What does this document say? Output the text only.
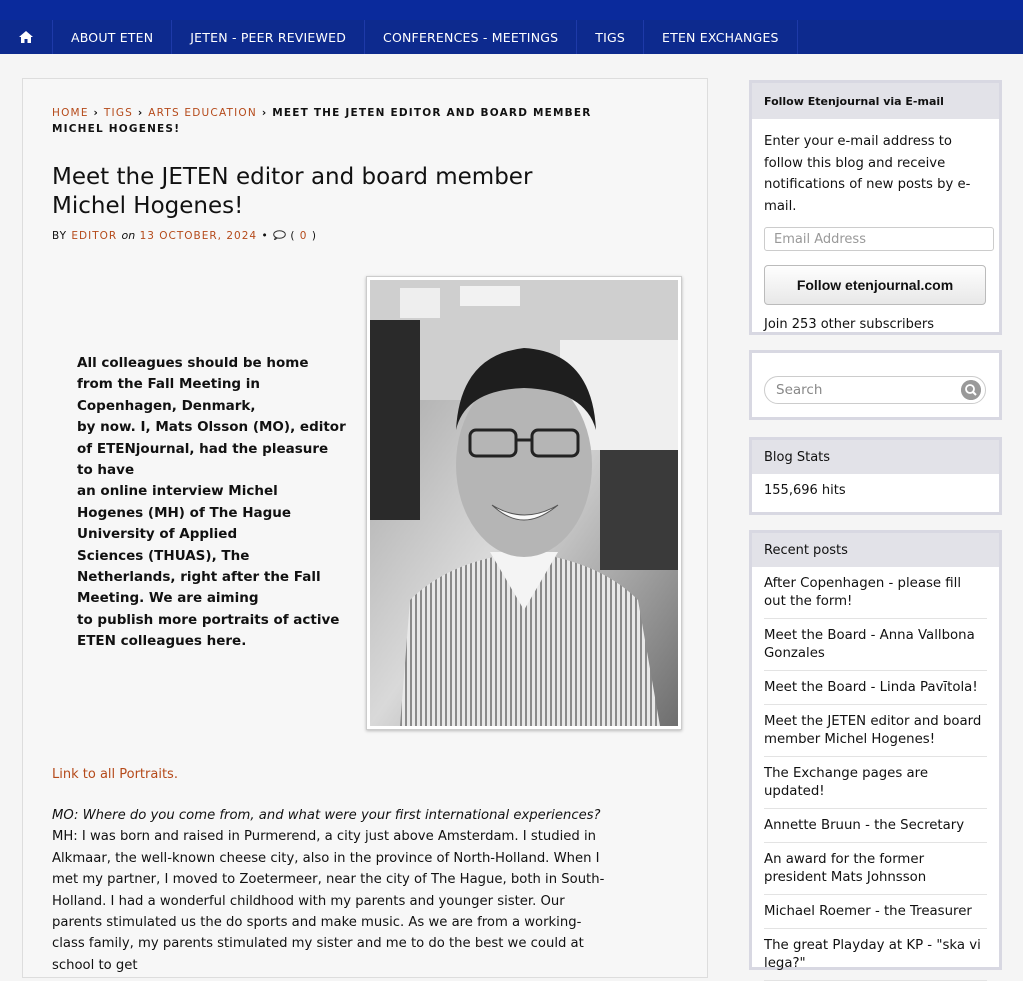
ABOUT ETEN	JETEN - PEER REVIEWED	CONFERENCES - MEETINGS	TIGS	ETEN EXCHANGES
HOME › TIGS › ARTS EDUCATION › MEET THE JETEN EDITOR AND BOARD MEMBER MICHEL HOGENES!
Meet the JETEN editor and board member Michel Hogenes!
BY EDITOR on 13 OCTOBER, 2024 • ( 0 )

All colleagues should be home from the Fall Meeting in Copenhagen, Denmark,

by now. I, Mats Olsson (MO), editor of ETENjournal, had the pleasure to have

an online interview Michel Hogenes (MH) of The Hague University of Applied

Sciences (THUAS), The Netherlands, right after the Fall Meeting. We are aiming

to publish more portraits of active ETEN colleagues here.

Link to all Portraits.

MO: Where do you come from, and what were your first international experiences?

MH: I was born and raised in Purmerend, a city just above Amsterdam. I studied in Alkmaar, the well-known cheese city, also in the province of North-Holland. When I met my partner, I moved to Zoetermeer, near the city of The Hague, both in South-Holland. I had a wonderful childhood with my parents and younger sister. Our parents stimulated us the do sports and make music. As we are from a working-class family, my parents stimulated my sister and me to do the best we could at school to get

Follow Etenjournal via E-mail
Enter your e-mail address to follow this blog and receive notifications of new posts by e-mail.
Email Address
Follow etenjournal.com
Join 253 other subscribers
Search
Blog Stats
155,696 hits
Recent posts
After Copenhagen - please fill out the form!
Meet the Board - Anna Vallbona Gonzales
Meet the Board - Linda Pavītola!
Meet the JETEN editor and board member Michel Hogenes!
The Exchange pages are updated!
Annette Bruun - the Secretary
An award for the former president Mats Johnsson
Michael Roemer - the Treasurer
The great Playday at KP - "ska vi lega?"
